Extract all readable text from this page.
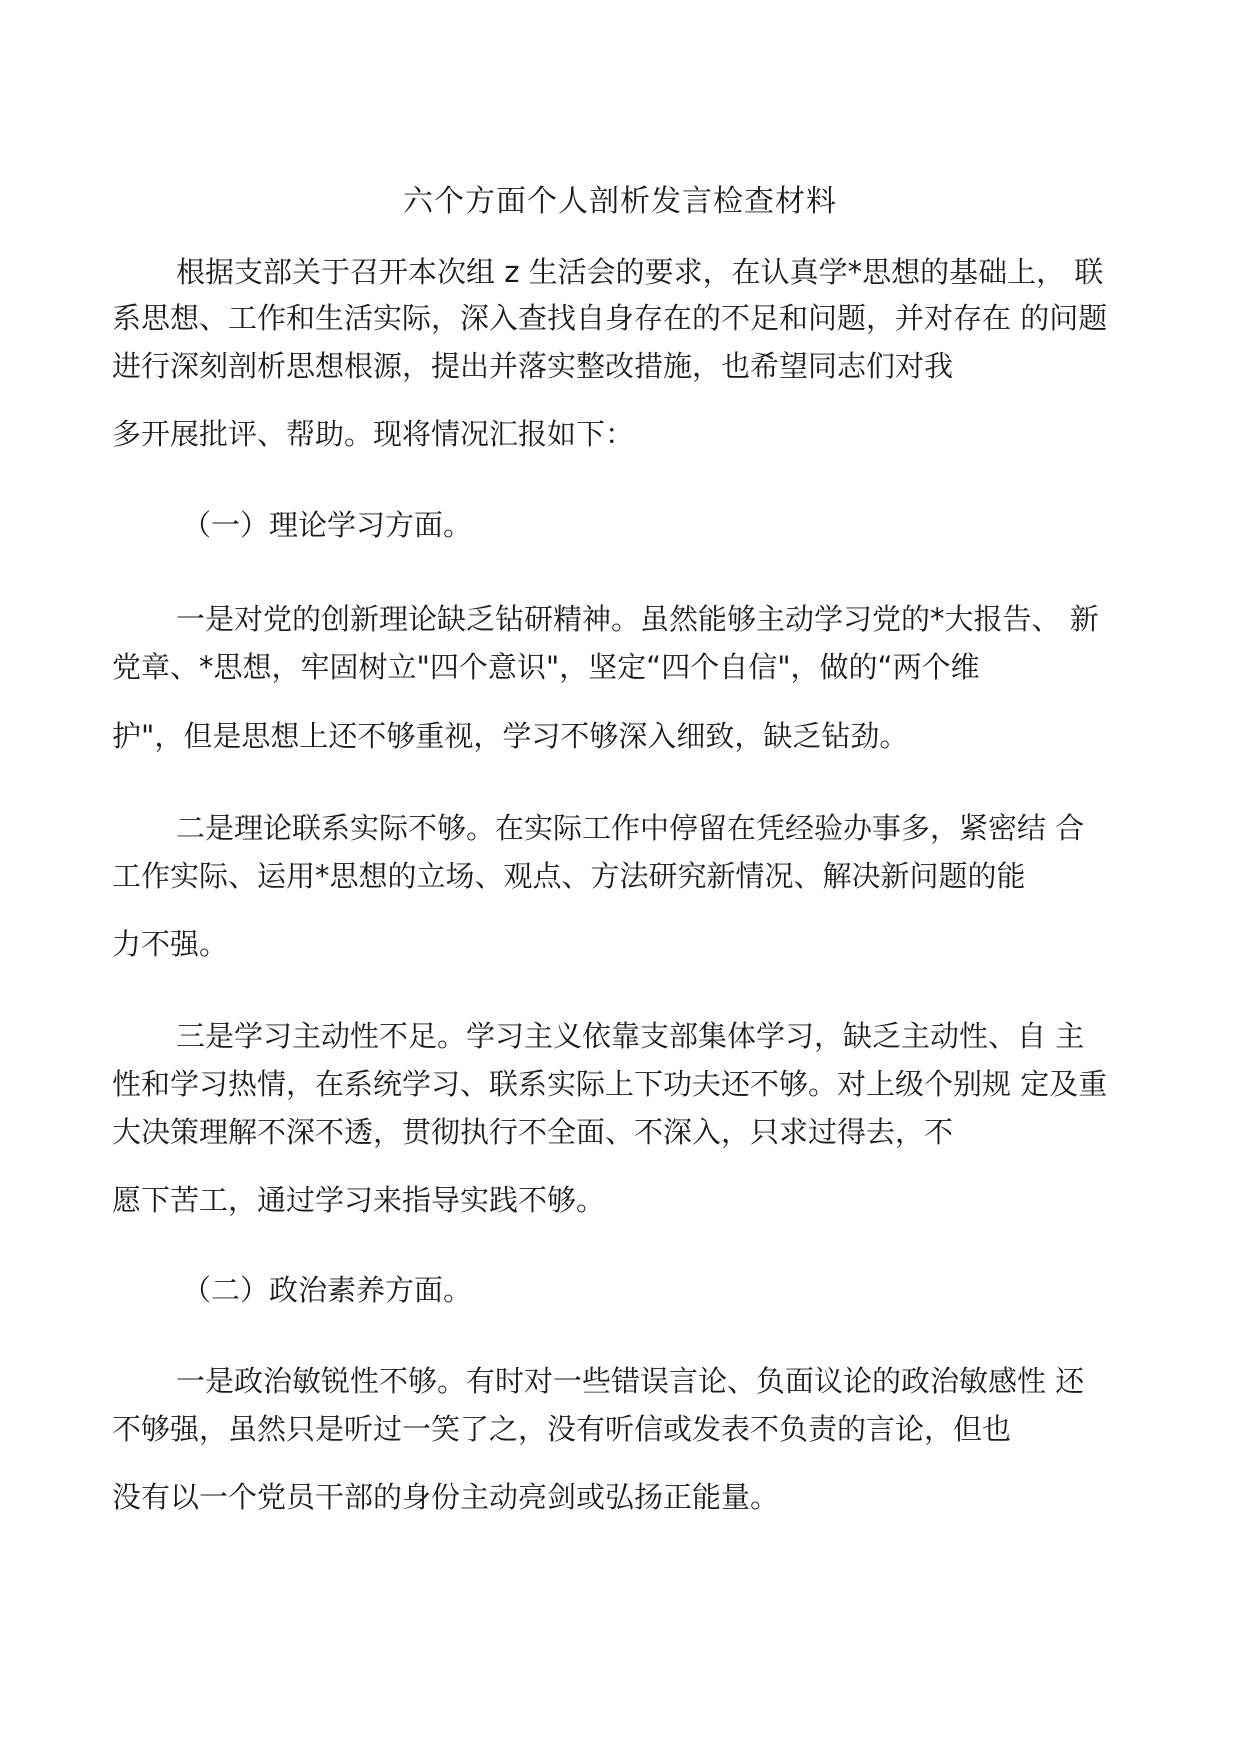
六个方面个人剖析发言检查材料
根据支部关于召开本次组 z 生活会的要求，在认真学*思想的基础上， 联
系思想、工作和生活实际，深入查找自身存在的不足和问题，并对存在 的问题
进行深刻剖析思想根源，提出并落实整改措施，也希望同志们对我
多开展批评、帮助。现将情况汇报如下：
（一）理论学习方面。
一是对党的创新理论缺乏钻研精神。虽然能够主动学习党的*大报告、 新
党章、*思想，牢固树立"四个意识"，坚定“四个自信"，做的“两个维
护"，但是思想上还不够重视，学习不够深入细致，缺乏钻劲。
二是理论联系实际不够。在实际工作中停留在凭经验办事多，紧密结 合
工作实际、运用*思想的立场、观点、方法研究新情况、解决新问题的能
力不强。
三是学习主动性不足。学习主义依靠支部集体学习，缺乏主动性、自 主
性和学习热情，在系统学习、联系实际上下功夫还不够。对上级个别规 定及重
大决策理解不深不透，贯彻执行不全面、不深入，只求过得去，不
愿下苦工，通过学习来指导实践不够。
（二）政治素养方面。
一是政治敏锐性不够。有时对一些错误言论、负面议论的政治敏感性 还
不够强，虽然只是听过一笑了之，没有听信或发表不负责的言论，但也
没有以一个党员干部的身份主动亮剑或弘扬正能量。
